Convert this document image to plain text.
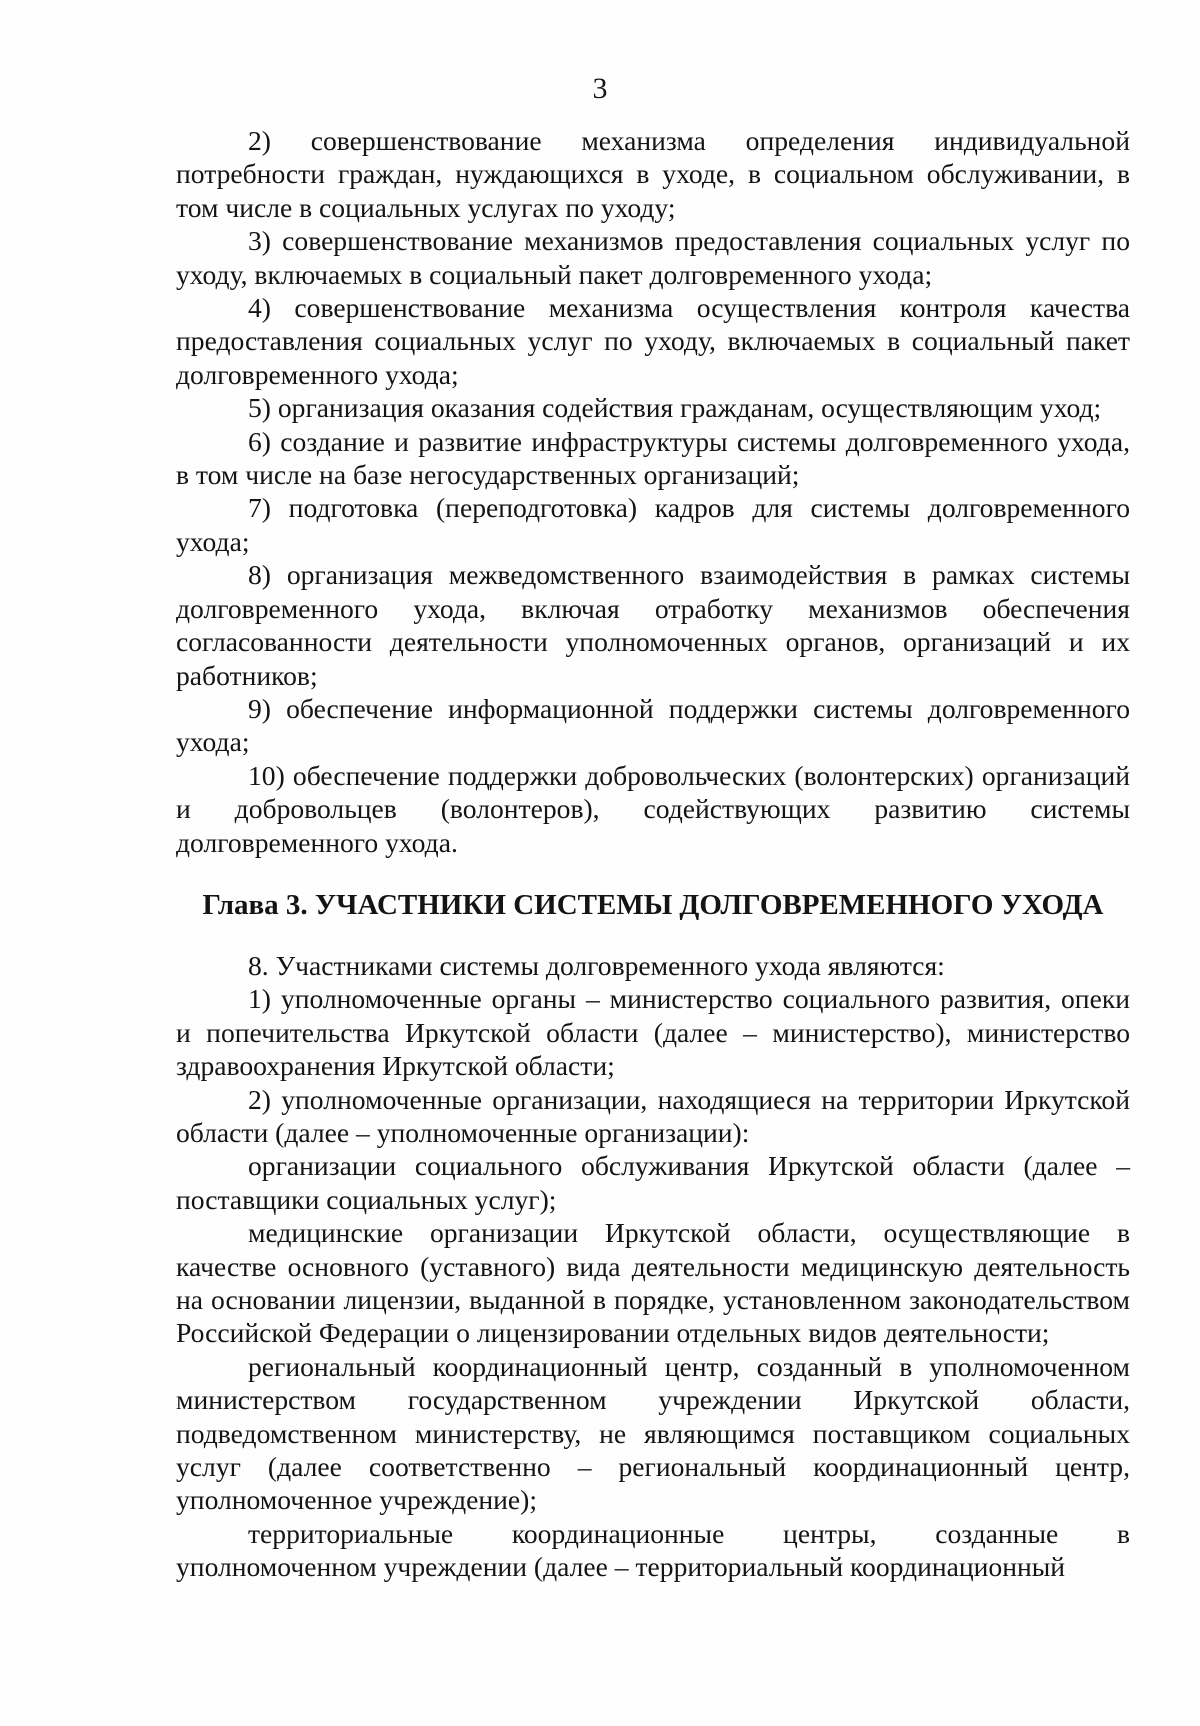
3

2) совершенствование механизма определения индивидуальной потребности граждан, нуждающихся в уходе, в социальном обслуживании, в том числе в социальных услугах по уходу;

3) совершенствование механизмов предоставления социальных услуг по уходу, включаемых в социальный пакет долговременного ухода;

4) совершенствование механизма осуществления контроля качества предоставления социальных услуг по уходу, включаемых в социальный пакет долговременного ухода;

5) организация оказания содействия гражданам, осуществляющим уход;

6) создание и развитие инфраструктуры системы долговременного ухода, в том числе на базе негосударственных организаций;

7) подготовка (переподготовка) кадров для системы долговременного ухода;

8) организация межведомственного взаимодействия в рамках системы долговременного ухода, включая отработку механизмов обеспечения согласованности деятельности уполномоченных органов, организаций и их работников;

9) обеспечение информационной поддержки системы долговременного ухода;

10) обеспечение поддержки добровольческих (волонтерских) организаций и добровольцев (волонтеров), содействующих развитию системы долговременного ухода.

Глава 3. УЧАСТНИКИ СИСТЕМЫ ДОЛГОВРЕМЕННОГО УХОДА

8. Участниками системы долговременного ухода являются:

1) уполномоченные органы – министерство социального развития, опеки и попечительства Иркутской области (далее – министерство), министерство здравоохранения Иркутской области;

2) уполномоченные организации, находящиеся на территории Иркутской области (далее – уполномоченные организации):

организации социального обслуживания Иркутской области (далее – поставщики социальных услуг);

медицинские организации Иркутской области, осуществляющие в качестве основного (уставного) вида деятельности медицинскую деятельность на основании лицензии, выданной в порядке, установленном законодательством Российской Федерации о лицензировании отдельных видов деятельности;

региональный координационный центр, созданный в уполномоченном министерством государственном учреждении Иркутской области, подведомственном министерству, не являющимся поставщиком социальных услуг (далее соответственно – региональный координационный центр, уполномоченное учреждение);

территориальные координационные центры, созданные в уполномоченном учреждении (далее – территориальный координационный
